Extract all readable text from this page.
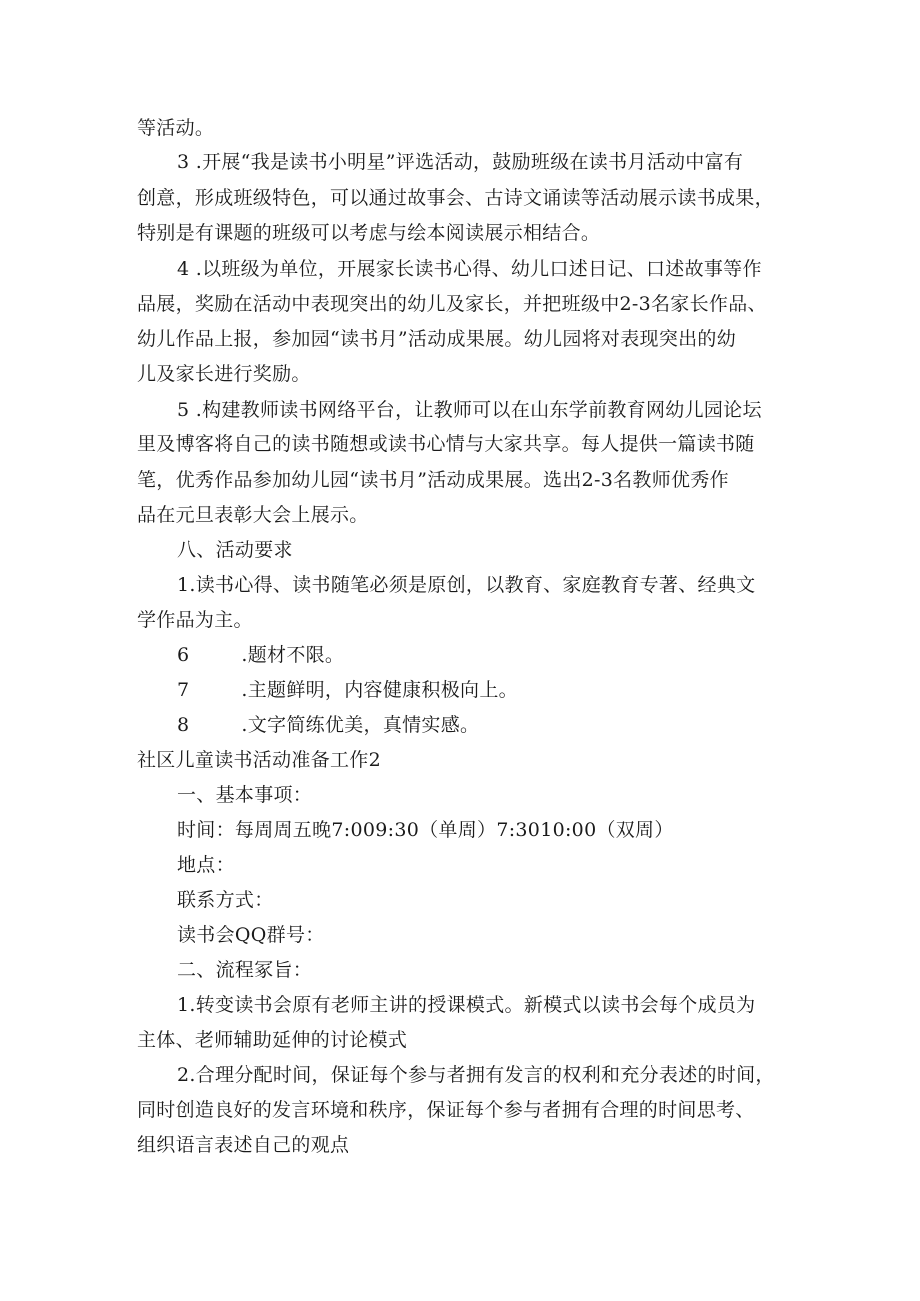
等活动。
3 .开展“我是读书小明星”评选活动，鼓励班级在读书月活动中富有
创意，形成班级特色，可以通过故事会、古诗文诵读等活动展示读书成果，
特别是有课题的班级可以考虑与绘本阅读展示相结合。
4 .以班级为单位，开展家长读书心得、幼儿口述日记、口述故事等作
品展，奖励在活动中表现突出的幼儿及家长，并把班级中2-3名家长作品、
幼儿作品上报，参加园“读书月”活动成果展。幼儿园将对表现突出的幼
儿及家长进行奖励。
5 .构建教师读书网络平台，让教师可以在山东学前教育网幼儿园论坛
里及博客将自己的读书随想或读书心情与大家共享。每人提供一篇读书随
笔，优秀作品参加幼儿园“读书月”活动成果展。选出2-3名教师优秀作
品在元旦表彰大会上展示。
八、活动要求
1.读书心得、读书随笔必须是原创，以教育、家庭教育专著、经典文
学作品为主。
6	.题材不限。
7	.主题鲜明，内容健康积极向上。
8	.文字简练优美，真情实感。
社区儿童读书活动准备工作2
一、基本事项：
时间：每周周五晚7:009:30（单周）7:3010:00（双周）
地点：
联系方式：
读书会QQ群号：
二、流程冢旨：
1.转变读书会原有老师主讲的授课模式。新模式以读书会每个成员为
主体、老师辅助延伸的讨论模式
2.合理分配时间，保证每个参与者拥有发言的权利和充分表述的时间，
同时创造良好的发言环境和秩序，保证每个参与者拥有合理的时间思考、
组织语言表述自己的观点
